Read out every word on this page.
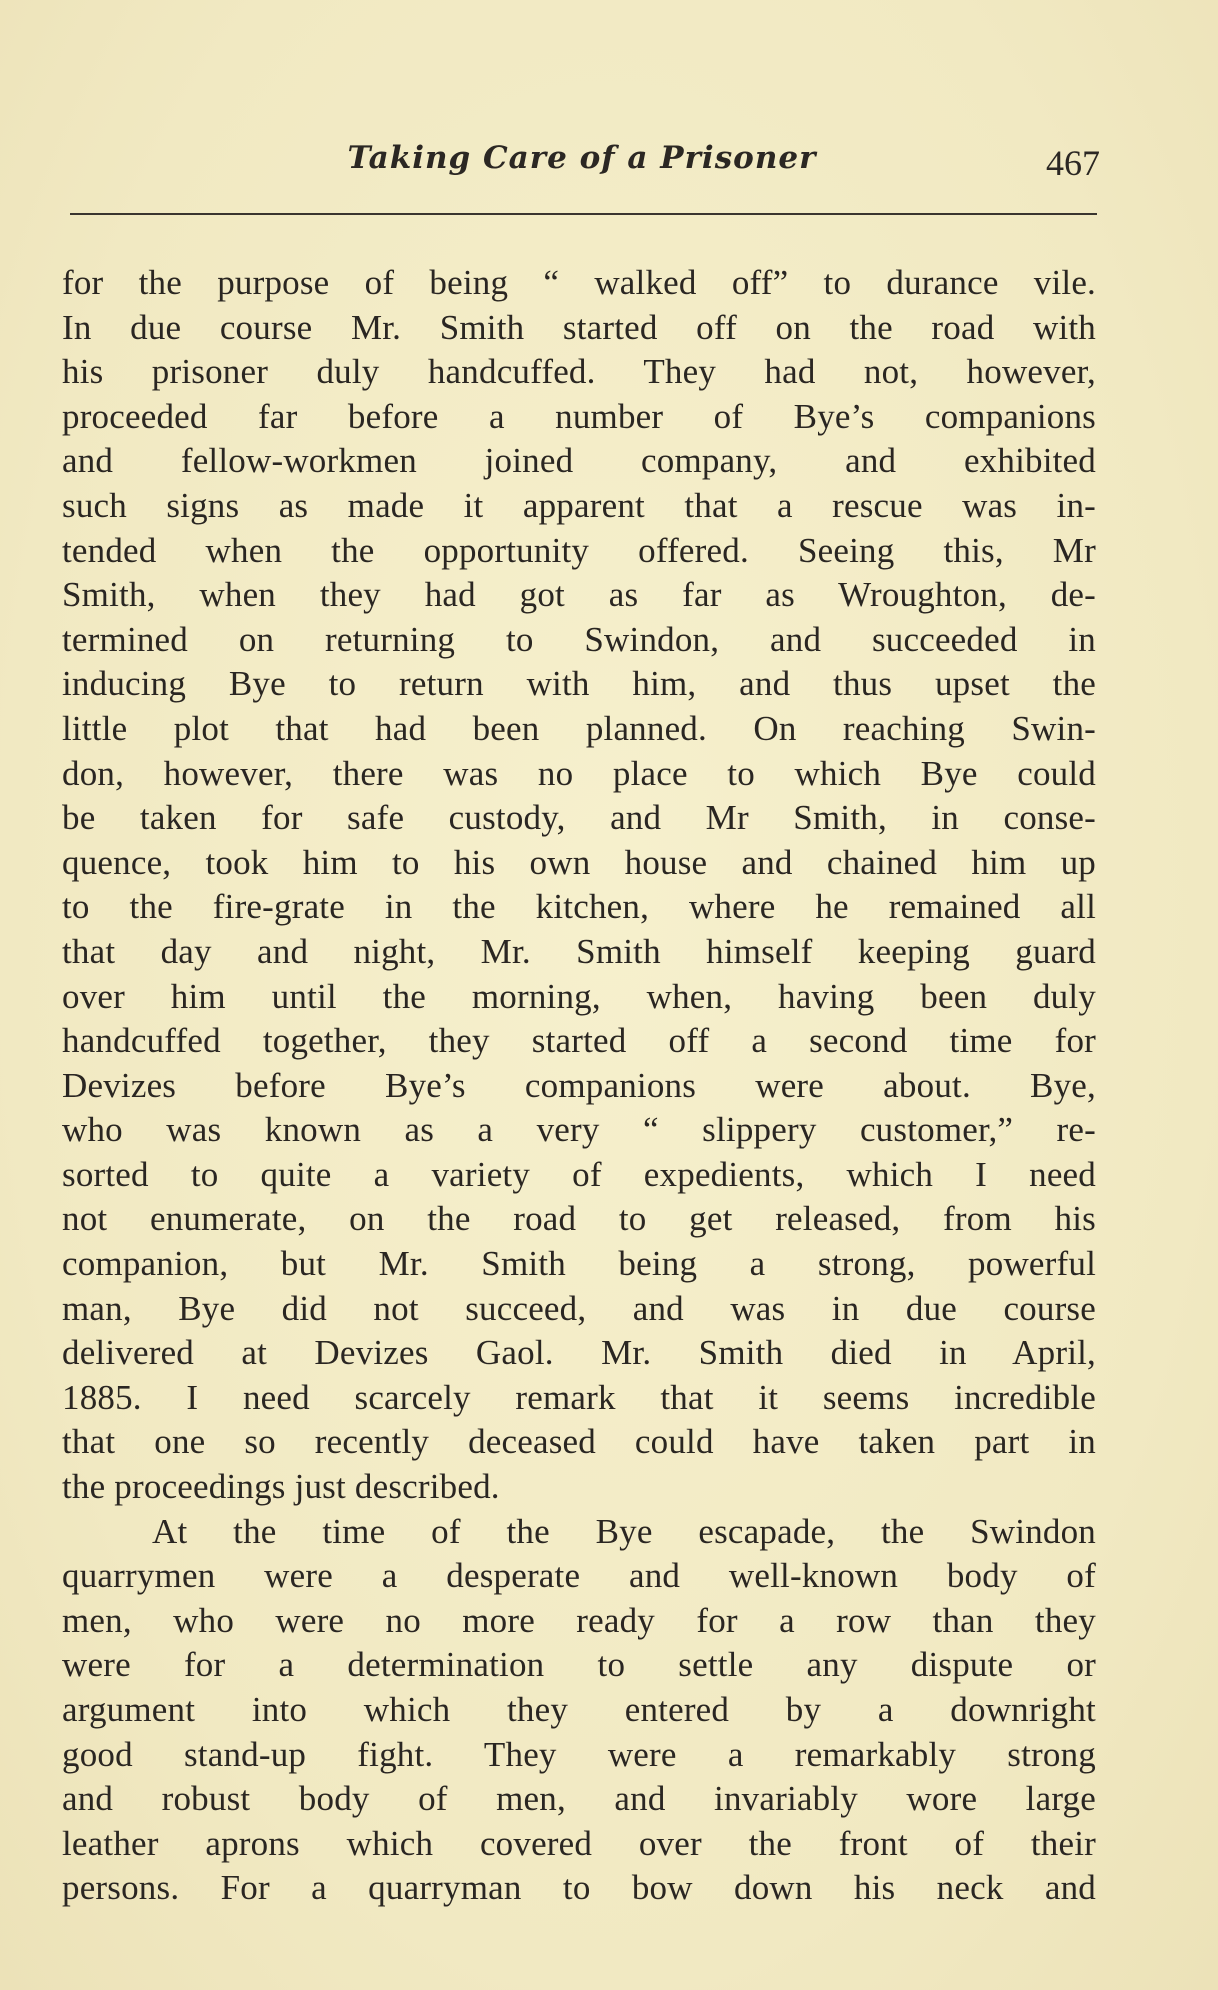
Taking Care of a Prisoner	467
for the purpose of being “ walked off” to durance vile.
In due course Mr. Smith started off on the road with
his prisoner duly handcuffed. They had not, however,
proceeded far before a number of Bye’s companions
and fellow-workmen joined company, and exhibited
such signs as made it apparent that a rescue was in-
tended when the opportunity offered. Seeing this, Mr
Smith, when they had got as far as Wroughton, de-
termined on returning to Swindon, and succeeded in
inducing Bye to return with him, and thus upset the
little plot that had been planned. On reaching Swin-
don, however, there was no place to which Bye could
be taken for safe custody, and Mr Smith, in conse-
quence, took him to his own house and chained him up
to the fire-grate in the kitchen, where he remained all
that day and night, Mr. Smith himself keeping guard
over him until the morning, when, having been duly
handcuffed together, they started off a second time for
Devizes before Bye’s companions were about. Bye,
who was known as a very “ slippery customer,” re-
sorted to quite a variety of expedients, which I need
not enumerate, on the road to get released, from his
companion, but Mr. Smith being a strong, powerful
man, Bye did not succeed, and was in due course
delivered at Devizes Gaol. Mr. Smith died in April,
1885. I need scarcely remark that it seems incredible
that one so recently deceased could have taken part in
the proceedings just described.
At the time of the Bye escapade, the Swindon
quarrymen were a desperate and well-known body of
men, who were no more ready for a row than they
were for a determination to settle any dispute or
argument into which they entered by a downright
good stand-up fight. They were a remarkably strong
and robust body of men, and invariably wore large
leather aprons which covered over the front of their
persons. For a quarryman to bow down his neck and
